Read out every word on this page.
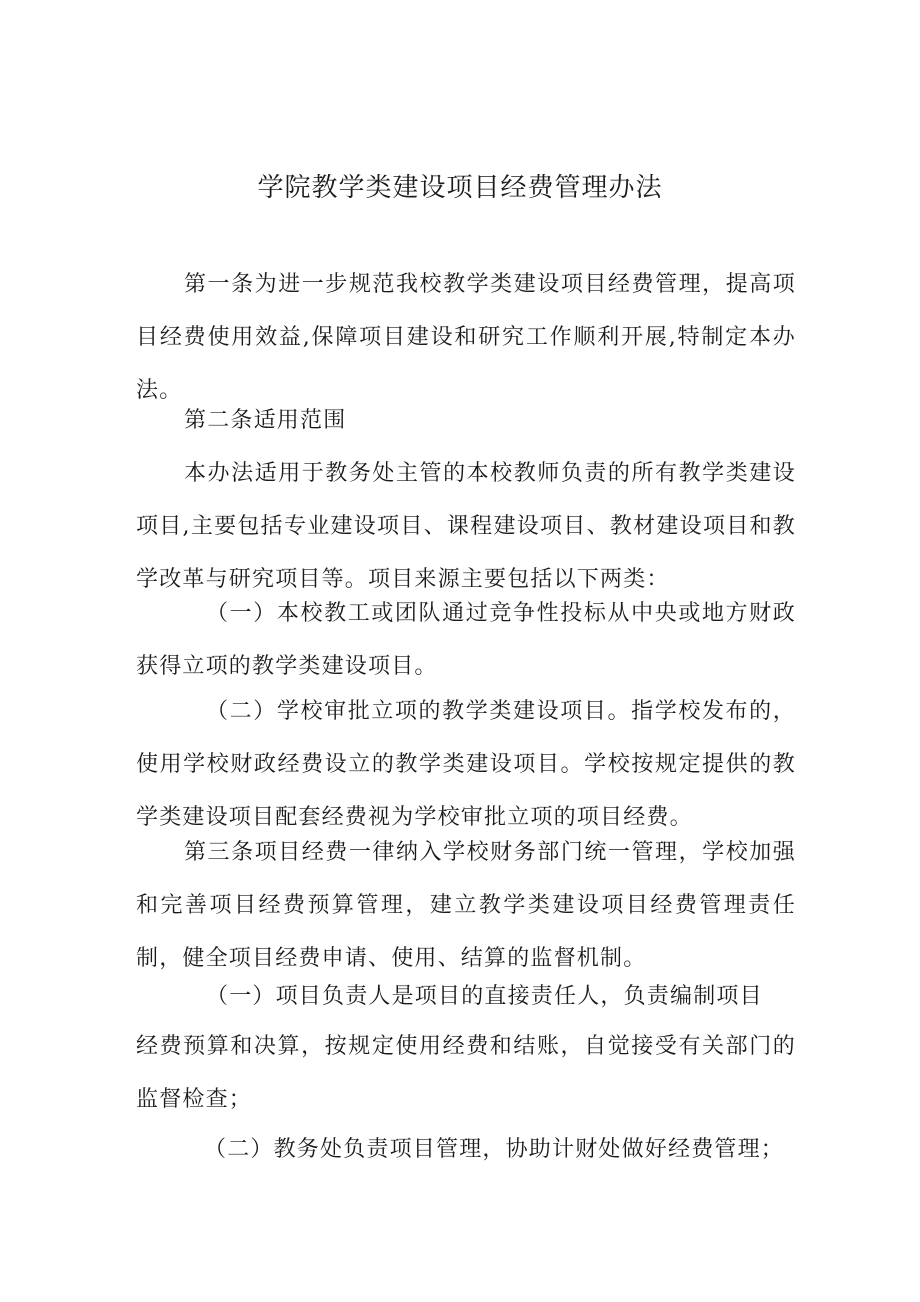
学院教学类建设项目经费管理办法

第一条为进一步规范我校教学类建设项目经费管理，提高项目经费使用效益,保障项目建设和研究工作顺利开展,特制定本办法。

第二条适用范围

本办法适用于教务处主管的本校教师负责的所有教学类建设项目,主要包括专业建设项目、课程建设项目、教材建设项目和教学改革与研究项目等。项目来源主要包括以下两类：

（一）本校教工或团队通过竞争性投标从中央或地方财政获得立项的教学类建设项目。

（二）学校审批立项的教学类建设项目。指学校发布的，使用学校财政经费设立的教学类建设项目。学校按规定提供的教学类建设项目配套经费视为学校审批立项的项目经费。

第三条项目经费一律纳入学校财务部门统一管理，学校加强和完善项目经费预算管理，建立教学类建设项目经费管理责任制，健全项目经费申请、使用、结算的监督机制。

（一）项目负责人是项目的直接责任人，负责编制项目

经费预算和决算，按规定使用经费和结账，自觉接受有关部门的监督检查；

（二）教务处负责项目管理，协助计财处做好经费管理；
